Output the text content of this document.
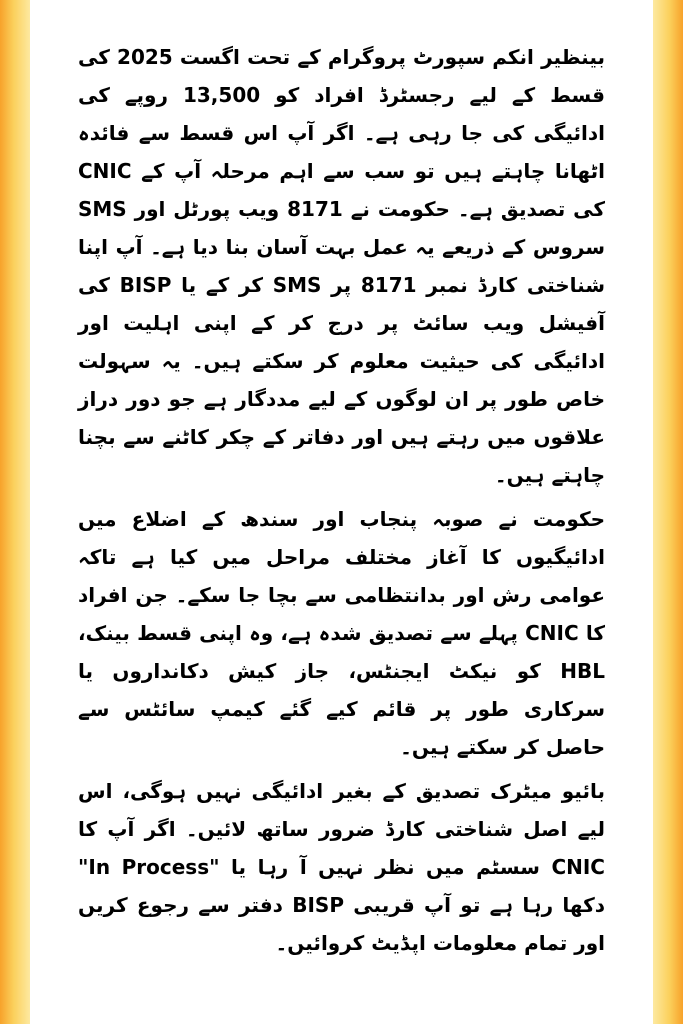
بینظیر انکم سپورٹ پروگرام کے تحت اگست 2025 کی قسط کے لیے رجسٹرڈ افراد کو 13,500 روپے کی ادائیگی کی جا رہی ہے۔ اگر آپ اس قسط سے فائدہ اٹھانا چاہتے ہیں تو سب سے اہم مرحلہ آپ کے CNIC کی تصدیق ہے۔ حکومت نے 8171 ویب پورٹل اور SMS سروس کے ذریعے یہ عمل بہت آسان بنا دیا ہے۔ آپ اپنا شناختی کارڈ نمبر 8171 پر SMS کر کے یا BISP کی آفیشل ویب سائٹ پر درج کر کے اپنی اہلیت اور ادائیگی کی حیثیت معلوم کر سکتے ہیں۔ یہ سہولت خاص طور پر ان لوگوں کے لیے مددگار ہے جو دور دراز علاقوں میں رہتے ہیں اور دفاتر کے چکر کاٹنے سے بچنا چاہتے ہیں۔

حکومت نے صوبہ پنجاب اور سندھ کے اضلاع میں ادائیگیوں کا آغاز مختلف مراحل میں کیا ہے تاکہ عوامی رش اور بدانتظامی سے بچا جا سکے۔ جن افراد کا CNIC پہلے سے تصدیق شدہ ہے، وہ اپنی قسط بینک، HBL کو نیکٹ ایجنٹس، جاز کیش دکانداروں یا سرکاری طور پر قائم کیے گئے کیمپ سائٹس سے حاصل کر سکتے ہیں۔

بائیو میٹرک تصدیق کے بغیر ادائیگی نہیں ہوگی، اس لیے اصل شناختی کارڈ ضرور ساتھ لائیں۔ اگر آپ کا CNIC سسٹم میں نظر نہیں آ رہا یا "In Process" دکھا رہا ہے تو آپ قریبی BISP دفتر سے رجوع کریں اور تمام معلومات اپڈیٹ کروائیں۔
